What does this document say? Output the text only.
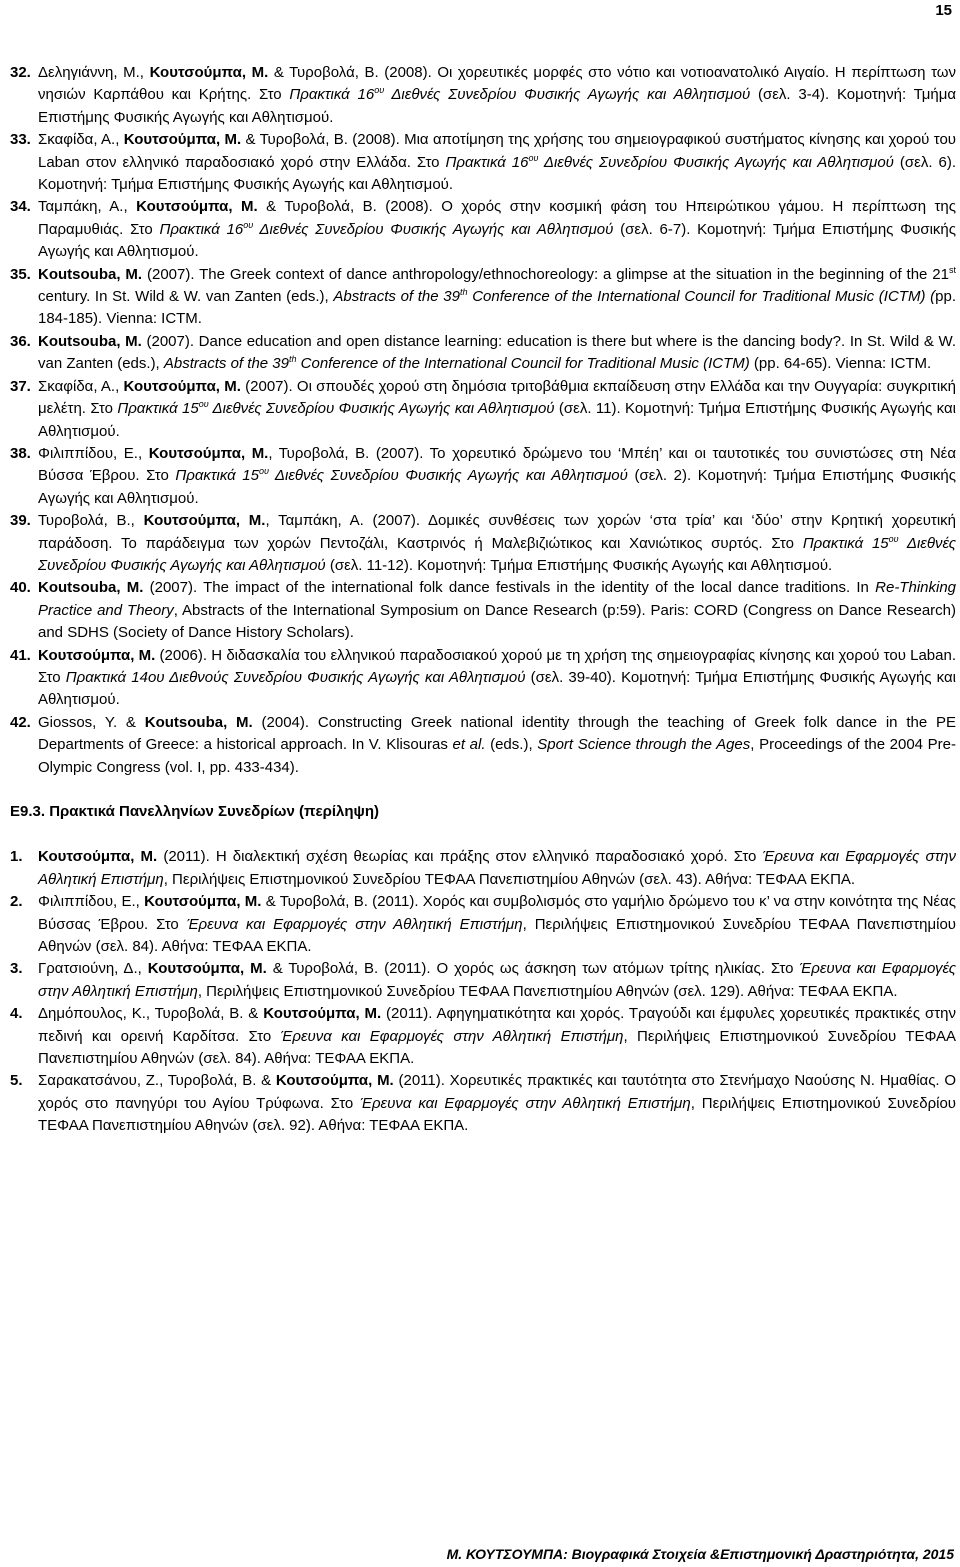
15
32. Δεληγιάννη, Μ., Κουτσούμπα, Μ. & Τυροβολά, Β. (2008). Οι χορευτικές μορφές στο νότιο και νοτιοανατολικό Αιγαίο. Η περίπτωση των νησιών Καρπάθου και Κρήτης. Στο Πρακτικά $16^{o\upsilon}$ Διεθνές Συνεδρίου Φυσικής Αγωγής και Αθλητισμού (σελ. 3-4). Κομοτηνή: Τμήμα Επιστήμης Φυσικής Αγωγής και Αθλητισμού.
33. Σκαφίδα, Α., Κουτσούμπα, Μ. & Τυροβολά, Β. (2008). Μια αποτίμηση της χρήσης του σημειογραφικού συστήματος κίνησης και χορού του Laban στον ελληνικό παραδοσιακό χορό στην Ελλάδα. Στο Πρακτικά $16^{o\upsilon}$ Διεθνές Συνεδρίου Φυσικής Αγωγής και Αθλητισμού (σελ. 6). Κομοτηνή: Τμήμα Επιστήμης Φυσικής Αγωγής και Αθλητισμού.
34. Ταμπάκη, Α., Κουτσούμπα, Μ. & Τυροβολά, Β. (2008). Ο χορός στην κοσμική φάση του Ηπειρώτικου γάμου. Η περίπτωση της Παραμυθιάς. Στο Πρακτικά $16^{o\upsilon}$ Διεθνές Συνεδρίου Φυσικής Αγωγής και Αθλητισμού (σελ. 6-7). Κομοτηνή: Τμήμα Επιστήμης Φυσικής Αγωγής και Αθλητισμού.
35. Koutsouba, M. (2007). The Greek context of dance anthropology/ethnochoreology: a glimpse at the situation in the beginning of the 21st century. In St. Wild & W. van Zanten (eds.), Abstracts of the 39th Conference of the International Council for Traditional Music (ICTM) (pp. 184-185). Vienna: ICTM.
36. Koutsouba, M. (2007). Dance education and open distance learning: education is there but where is the dancing body?. In St. Wild & W. van Zanten (eds.), Abstracts of the 39th Conference of the International Council for Traditional Music (ICTM) (pp. 64-65). Vienna: ICTM.
37. Σκαφίδα, Α., Κουτσούμπα, Μ. (2007). Οι σπουδές χορού στη δημόσια τριτοβάθμια εκπαίδευση στην Ελλάδα και την Ουγγαρία: συγκριτική μελέτη. Στο Πρακτικά $15^{o\upsilon}$ Διεθνές Συνεδρίου Φυσικής Αγωγής και Αθλητισμού (σελ. 11). Κομοτηνή: Τμήμα Επιστήμης Φυσικής Αγωγής και Αθλητισμού.
38. Φιλιππίδου, Ε., Κουτσούμπα, Μ., Τυροβολά, Β. (2007). Το χορευτικό δρώμενο του ‘Μπέη’ και οι ταυτοτικές του συνιστώσες στη Νέα Βύσσα Έβρου. Στο Πρακτικά $15^{o\upsilon}$ Διεθνές Συνεδρίου Φυσικής Αγωγής και Αθλητισμού (σελ. 2). Κομοτηνή: Τμήμα Επιστήμης Φυσικής Αγωγής και Αθλητισμού.
39. Τυροβολά, Β., Κουτσούμπα, Μ., Ταμπάκη, Α. (2007). Δομικές συνθέσεις των χορών ‘στα τρία’ και ‘δύο’ στην Κρητική χορευτική παράδοση. Το παράδειγμα των χορών Πεντοζάλι, Καστρινός ή Μαλεβιζιώτικος και Χανιώτικος συρτός. Στο Πρακτικά $15^{o\upsilon}$ Διεθνές Συνεδρίου Φυσικής Αγωγής και Αθλητισμού (σελ. 11-12). Κομοτηνή: Τμήμα Επιστήμης Φυσικής Αγωγής και Αθλητισμού.
40. Koutsouba, M. (2007). The impact of the international folk dance festivals in the identity of the local dance traditions. In Re-Thinking Practice and Theory, Abstracts of the International Symposium on Dance Research (p:59). Paris: CORD (Congress on Dance Research) and SDHS (Society of Dance History Scholars).
41. Κουτσούμπα, Μ. (2006). Η διδασκαλία του ελληνικού παραδοσιακού χορού με τη χρήση της σημειογραφίας κίνησης και χορού του Laban. Στο Πρακτικά 14ου Διεθνούς Συνεδρίου Φυσικής Αγωγής και Αθλητισμού (σελ. 39-40). Κομοτηνή: Τμήμα Επιστήμης Φυσικής Αγωγής και Αθλητισμού.
42. Giossos, Y. & Koutsouba, M. (2004). Constructing Greek national identity through the teaching of Greek folk dance in the PE Departments of Greece: a historical approach. In V. Klisouras et al. (eds.), Sport Science through the Ages, Proceedings of the 2004 Pre-Olympic Congress (vol. I, pp. 433-434).
Ε9.3. Πρακτικά Πανελληνίων Συνεδρίων (περίληψη)
1.	Κουτσούμπα, Μ. (2011). Η διαλεκτική σχέση θεωρίας και πράξης στον ελληνικό παραδοσιακό χορό. Στο Έρευνα και Εφαρμογές στην Αθλητική Επιστήμη, Περιλήψεις Επιστημονικού Συνεδρίου ΤΕΦΑΑ Πανεπιστημίου Αθηνών (σελ. 43). Αθήνα: ΤΕΦΑΑ ΕΚΠΑ.
2.	Φιλιππίδου, Ε., Κουτσούμπα, Μ. & Τυροβολά, Β. (2011). Χορός και συμβολισμός στο γαμήλιο δρώμενο του κ’ να στην κοινότητα της Νέας Βύσσας Έβρου. Στο Έρευνα και Εφαρμογές στην Αθλητική Επιστήμη, Περιλήψεις Επιστημονικού Συνεδρίου ΤΕΦΑΑ Πανεπιστημίου Αθηνών (σελ. 84). Αθήνα: ΤΕΦΑΑ ΕΚΠΑ.
3.	Γρατσιούνη, Δ., Κουτσούμπα, Μ. & Τυροβολά, Β. (2011). Ο χορός ως άσκηση των ατόμων τρίτης ηλικίας. Στο Έρευνα και Εφαρμογές στην Αθλητική Επιστήμη, Περιλήψεις Επιστημονικού Συνεδρίου ΤΕΦΑΑ Πανεπιστημίου Αθηνών (σελ. 129). Αθήνα: ΤΕΦΑΑ ΕΚΠΑ.
4.	Δημόπουλος, Κ., Τυροβολά, Β. & Κουτσούμπα, Μ. (2011). Αφηγηματικότητα και χορός. Τραγούδι και έμφυλες χορευτικές πρακτικές στην πεδινή και ορεινή Καρδίτσα. Στο Έρευνα και Εφαρμογές στην Αθλητική Επιστήμη, Περιλήψεις Επιστημονικού Συνεδρίου ΤΕΦΑΑ Πανεπιστημίου Αθηνών (σελ. 84). Αθήνα: ΤΕΦΑΑ ΕΚΠΑ.
5.	Σαρακατσάνου, Ζ., Τυροβολά, Β. & Κουτσούμπα, Μ. (2011). Χορευτικές πρακτικές και ταυτότητα στο Στενήμαχο Ναούσης Ν. Ημαθίας. Ο χορός στο πανηγύρι του Αγίου Τρύφωνα. Στο Έρευνα και Εφαρμογές στην Αθλητική Επιστήμη, Περιλήψεις Επιστημονικού Συνεδρίου ΤΕΦΑΑ Πανεπιστημίου Αθηνών (σελ. 92). Αθήνα: ΤΕΦΑΑ ΕΚΠΑ.
Μ. ΚΟΥΤΣΟΥΜΠΑ: Βιογραφικά Στοιχεία &Επιστημονική Δραστηριότητα, 2015
